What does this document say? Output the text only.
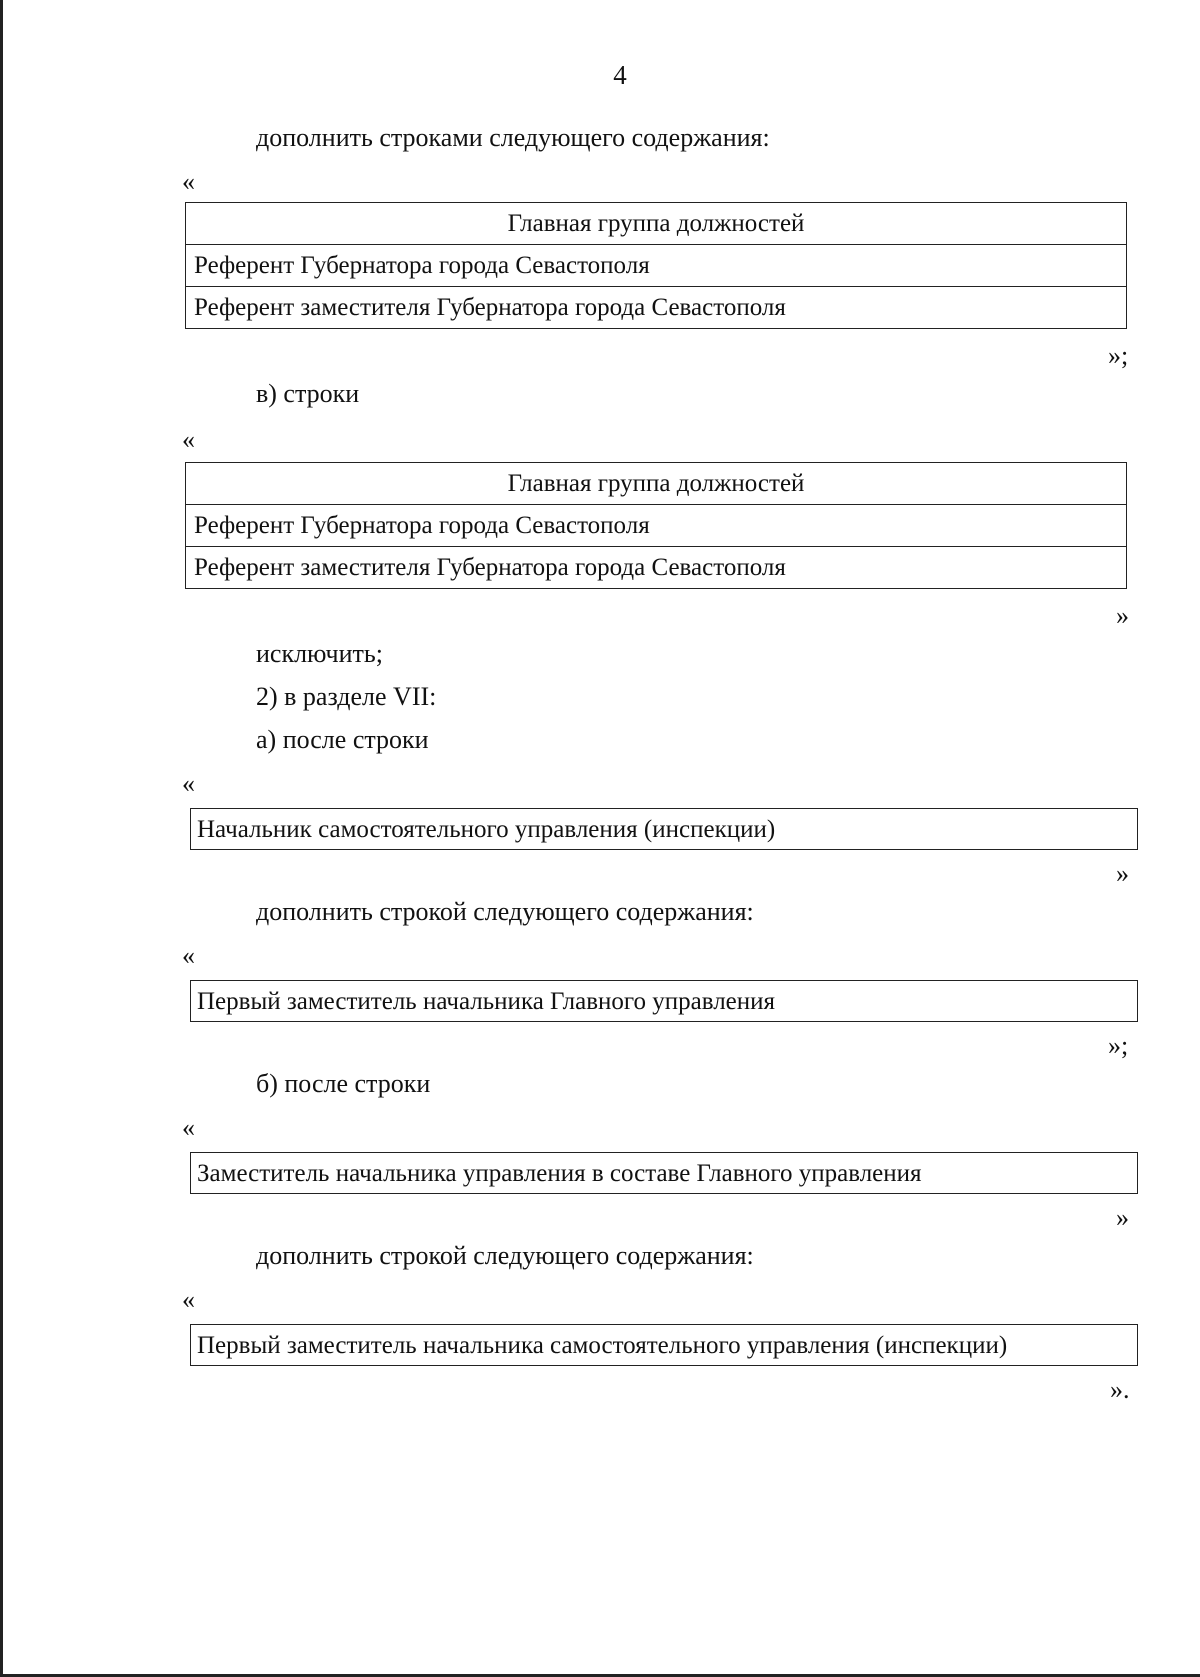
4
дополнить строками следующего содержания:
«
Главная группа должностей
Референт Губернатора города Севастополя
Референт заместителя Губернатора города Севастополя
»;
в) строки
«
Главная группа должностей
Референт Губернатора города Севастополя
Референт заместителя Губернатора города Севастополя
»
исключить;
2) в разделе VII:
а) после строки
«
Начальник самостоятельного управления (инспекции)
»
дополнить строкой следующего содержания:
«
Первый заместитель начальника Главного управления
»;
б) после строки
«
Заместитель начальника управления в составе Главного управления
»
дополнить строкой следующего содержания:
«
Первый заместитель начальника самостоятельного управления (инспекции)
».
